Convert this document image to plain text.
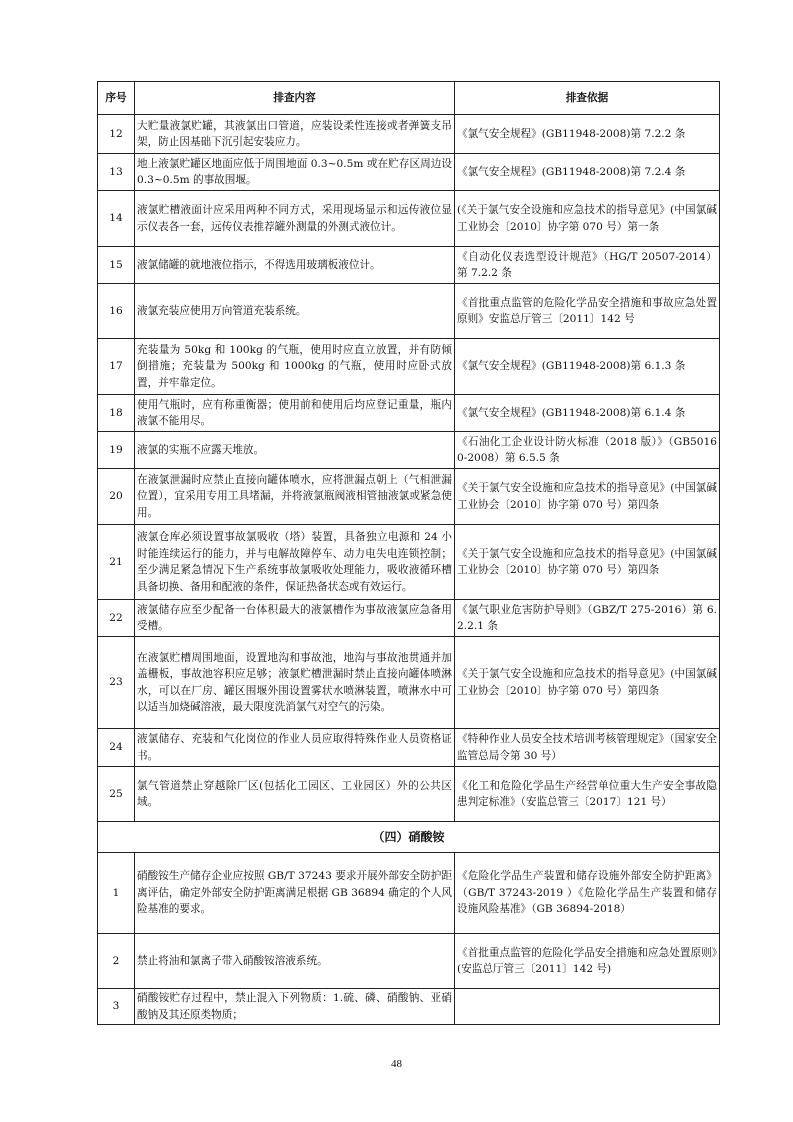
序号	排查内容	排查依据
12	大贮量液氯贮罐，其液氯出口管道，应装设柔性连接或者弹簧支吊架，防止因基础下沉引起安装应力。	《氯气安全规程》(GB11948-2008)第 7.2.2 条
13	地上液氯贮罐区地面应低于周围地面 0.3~0.5m 或在贮存区周边设 0.3~0.5m 的事故围堰。	《氯气安全规程》(GB11948-2008)第 7.2.4 条
14	液氯贮槽液面计应采用两种不同方式，采用现场显示和远传液位显示仪表各一套，远传仪表推荐罐外测量的外测式液位计。	(《关于氯气安全设施和应急技术的指导意见》(中国氯碱工业协会〔2010〕协字第 070 号）第一条
15	液氯储罐的就地液位指示，不得选用玻璃板液位计。	《自动化仪表选型设计规范》（HG/T 20507-2014）第 7.2.2 条
16	液氯充装应使用万向管道充装系统。	《首批重点监管的危险化学品安全措施和事故应急处置原则》安监总厅管三〔2011〕142 号
17	充装量为 50kg 和 100kg 的气瓶，使用时应直立放置，并有防倾倒措施；充装量为 500kg 和 1000kg 的气瓶，使用时应卧式放置，并牢靠定位。	《氯气安全规程》(GB11948-2008)第 6.1.3 条
18	使用气瓶时，应有称重衡器；使用前和使用后均应登记重量，瓶内液氯不能用尽。	《氯气安全规程》(GB11948-2008)第 6.1.4 条
19	液氯的实瓶不应露天堆放。	《石油化工企业设计防火标准（2018 版）》（GB50160-2008）第 6.5.5 条
20	在液氯泄漏时应禁止直接向罐体喷水，应将泄漏点朝上（气相泄漏位置），宜采用专用工具堵漏，并将液氯瓶阀液相管抽液氯或紧急使用。	《关于氯气安全设施和应急技术的指导意见》(中国氯碱工业协会〔2010〕协字第 070 号）第四条
21	液氯仓库必须设置事故氯吸收（塔）装置，具备独立电源和 24 小时能连续运行的能力，并与电解故障停车、动力电失电连锁控制；至少满足紧急情况下生产系统事故氯吸收处理能力，吸收液循环槽具备切换、备用和配液的条件，保证热备状态或有效运行。	《关于氯气安全设施和应急技术的指导意见》(中国氯碱工业协会〔2010〕协字第 070 号）第四条
22	液氯储存应至少配备一台体积最大的液氯槽作为事故液氯应急备用受槽。	《氯气职业危害防护导则》（GBZ/T 275-2016）第 6.2.2.1 条
23	在液氯贮槽周围地面，设置地沟和事故池，地沟与事故池贯通并加盖栅板，事故池容积应足够；液氯贮槽泄漏时禁止直接向罐体喷淋水，可以在厂房、罐区围堰外围设置雾状水喷淋装置，喷淋水中可以适当加烧碱溶液，最大限度洗消氯气对空气的污染。	《关于氯气安全设施和应急技术的指导意见》(中国氯碱工业协会〔2010〕协字第 070 号）第四条
24	液氯储存、充装和气化岗位的作业人员应取得特殊作业人员资格证书。	《特种作业人员安全技术培训考核管理规定》（国家安全监管总局令第 30 号）
25	氯气管道禁止穿越除厂区(包括化工园区、工业园区）外的公共区域。	《化工和危险化学品生产经营单位重大生产安全事故隐患判定标准》（安监总管三〔2017〕121 号）
（四）硝酸铵		
1	硝酸铵生产储存企业应按照 GB/T 37243 要求开展外部安全防护距离评估，确定外部安全防护距离满足根据 GB 36894 确定的个人风险基准的要求。	《危险化学品生产装置和储存设施外部安全防护距离》（GB/T 37243-2019 ）《危险化学品生产装置和储存设施风险基准》（GB 36894-2018）
2	禁止将油和氯离子带入硝酸铵溶液系统。	《首批重点监管的危险化学品安全措施和应急处置原则》(安监总厅管三〔2011〕142 号)
3	硝酸铵贮存过程中，禁止混入下列物质：1.硫、磷、硝酸钠、亚硝酸钠及其还原类物质；	
48
